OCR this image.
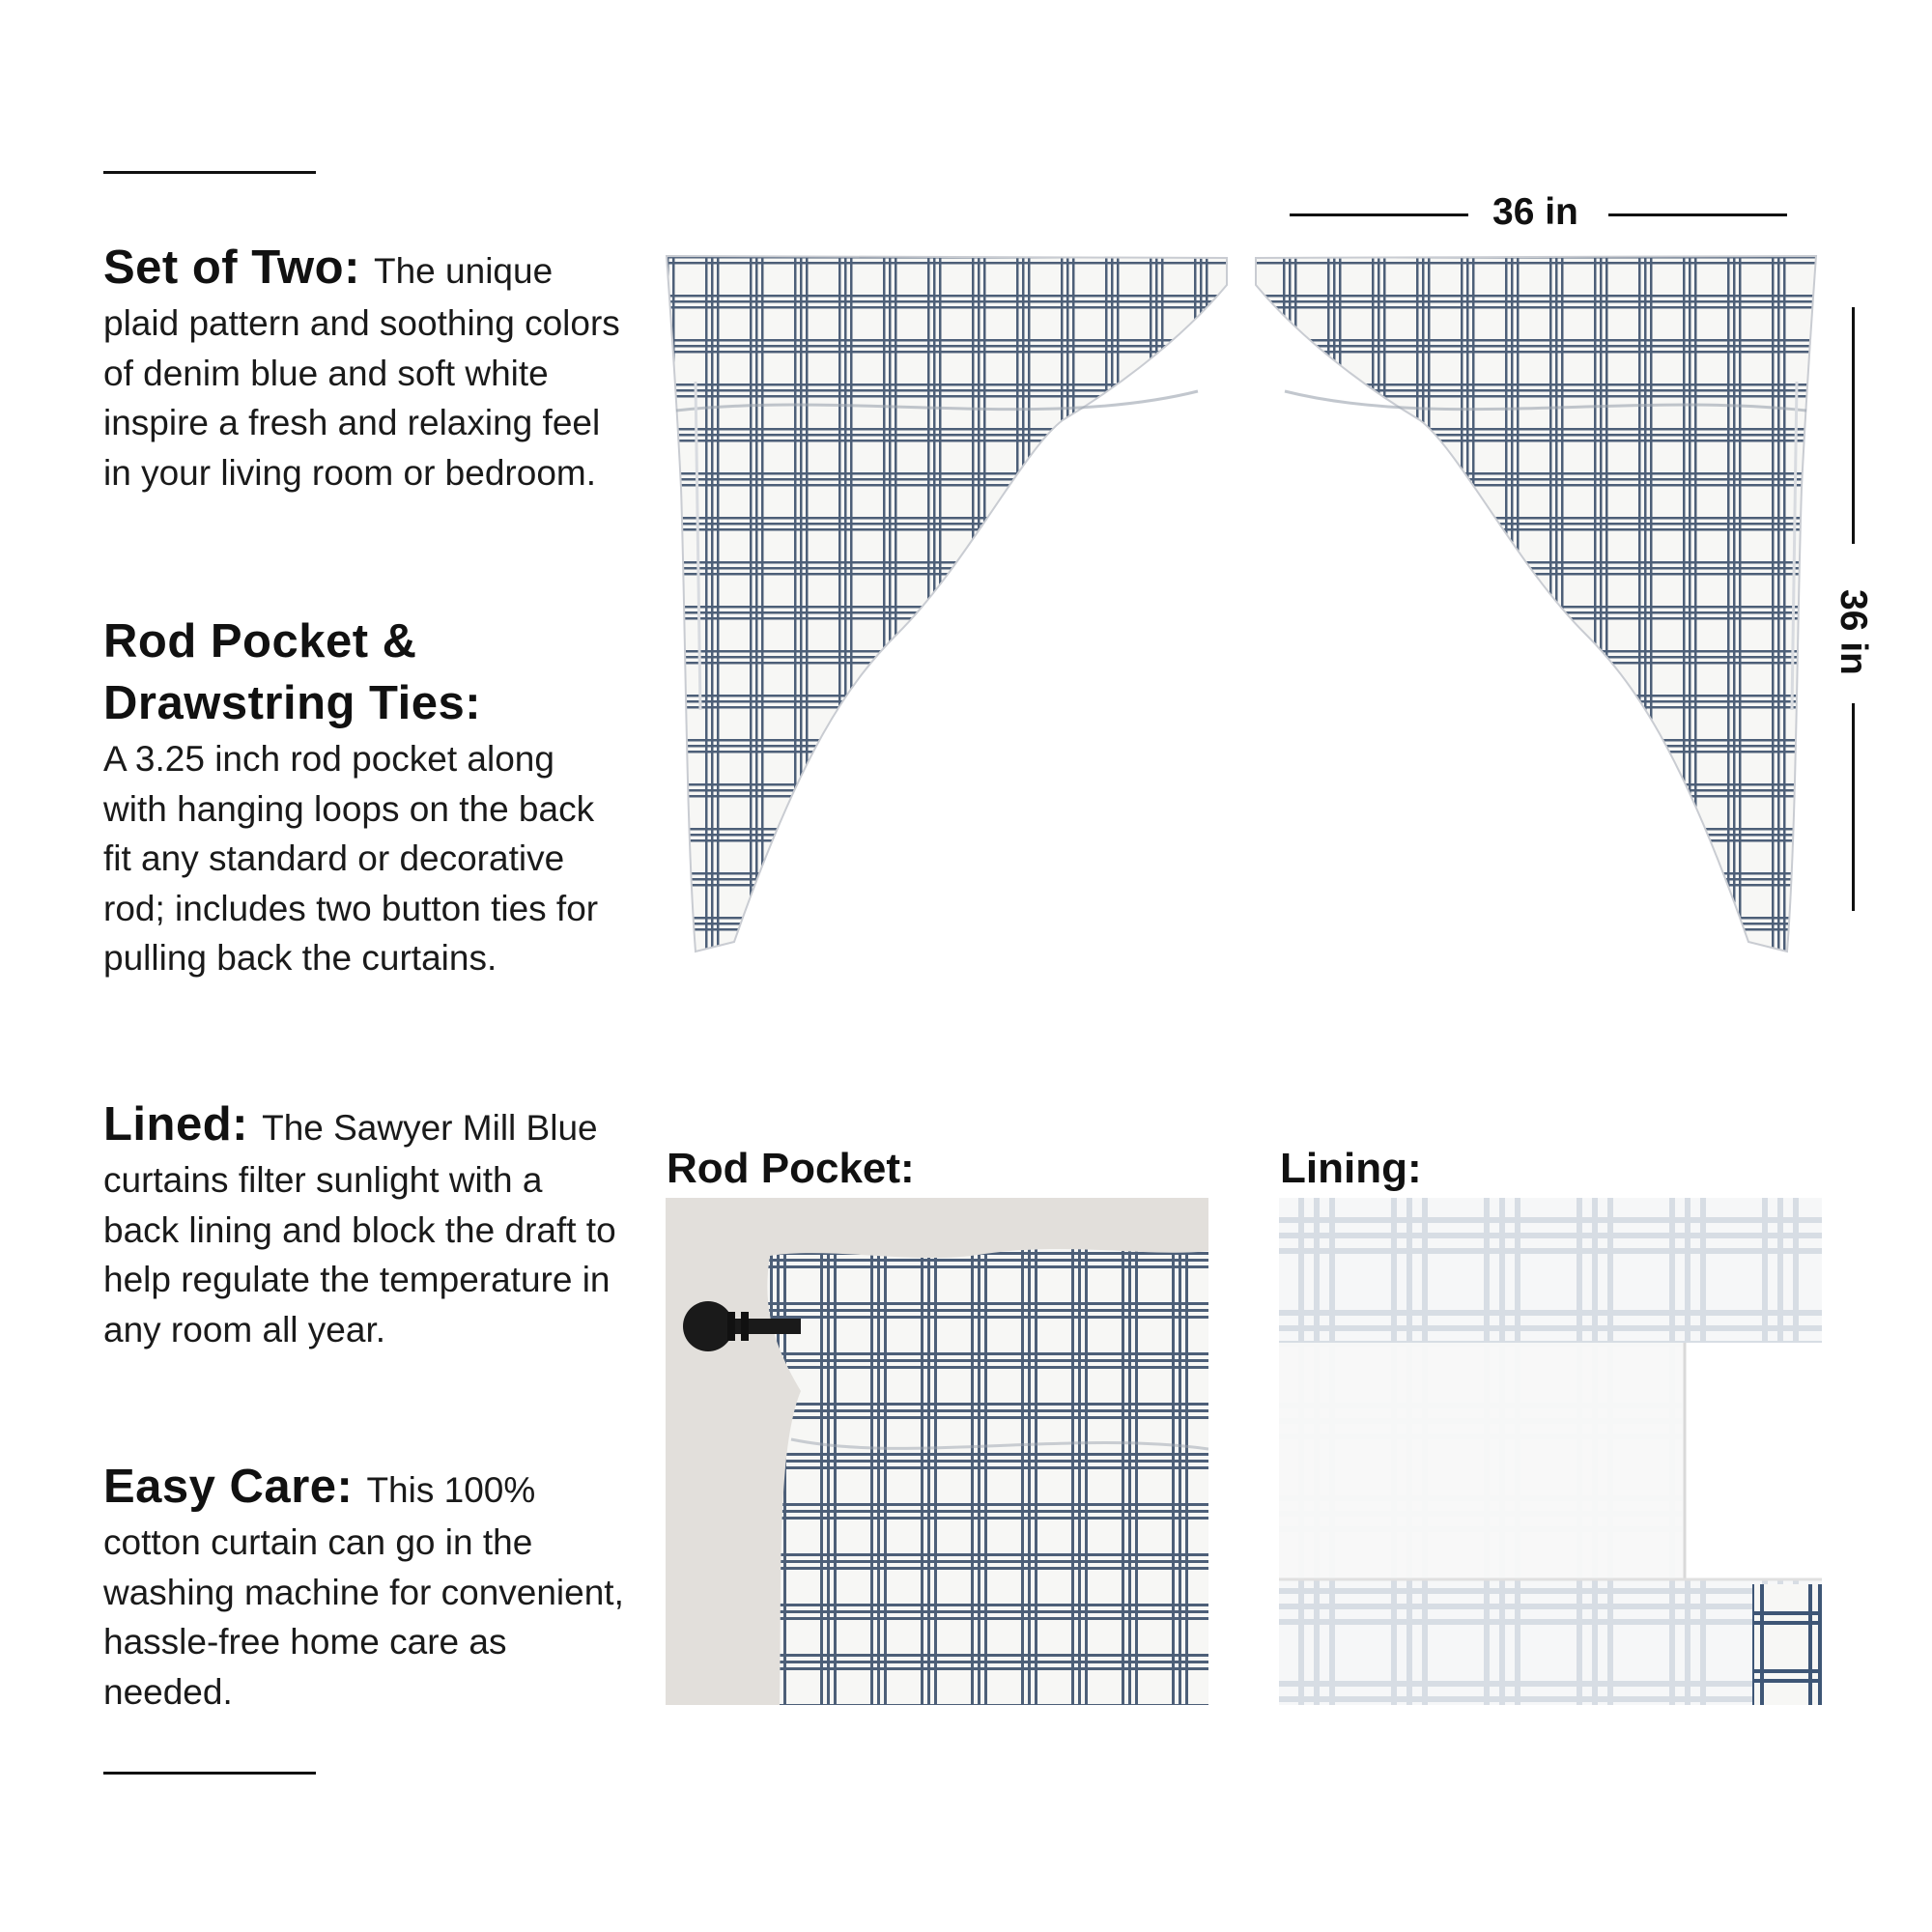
Set of Two: The unique plaid pattern and soothing colors of denim blue and soft white inspire a fresh and relaxing feel in your living room or bedroom.

Rod Pocket & Drawstring Ties:
A 3.25 inch rod pocket along with hanging loops on the back fit any standard or decorative rod; includes two button ties for pulling back the curtains.

Lined: The Sawyer Mill Blue curtains filter sunlight with a back lining and block the draft to help regulate the temperature in any room all year.

Easy Care: This 100% cotton curtain can go in the washing machine for convenient, hassle-free home care as needed.

36 in
36 in
Rod Pocket:	Lining:
